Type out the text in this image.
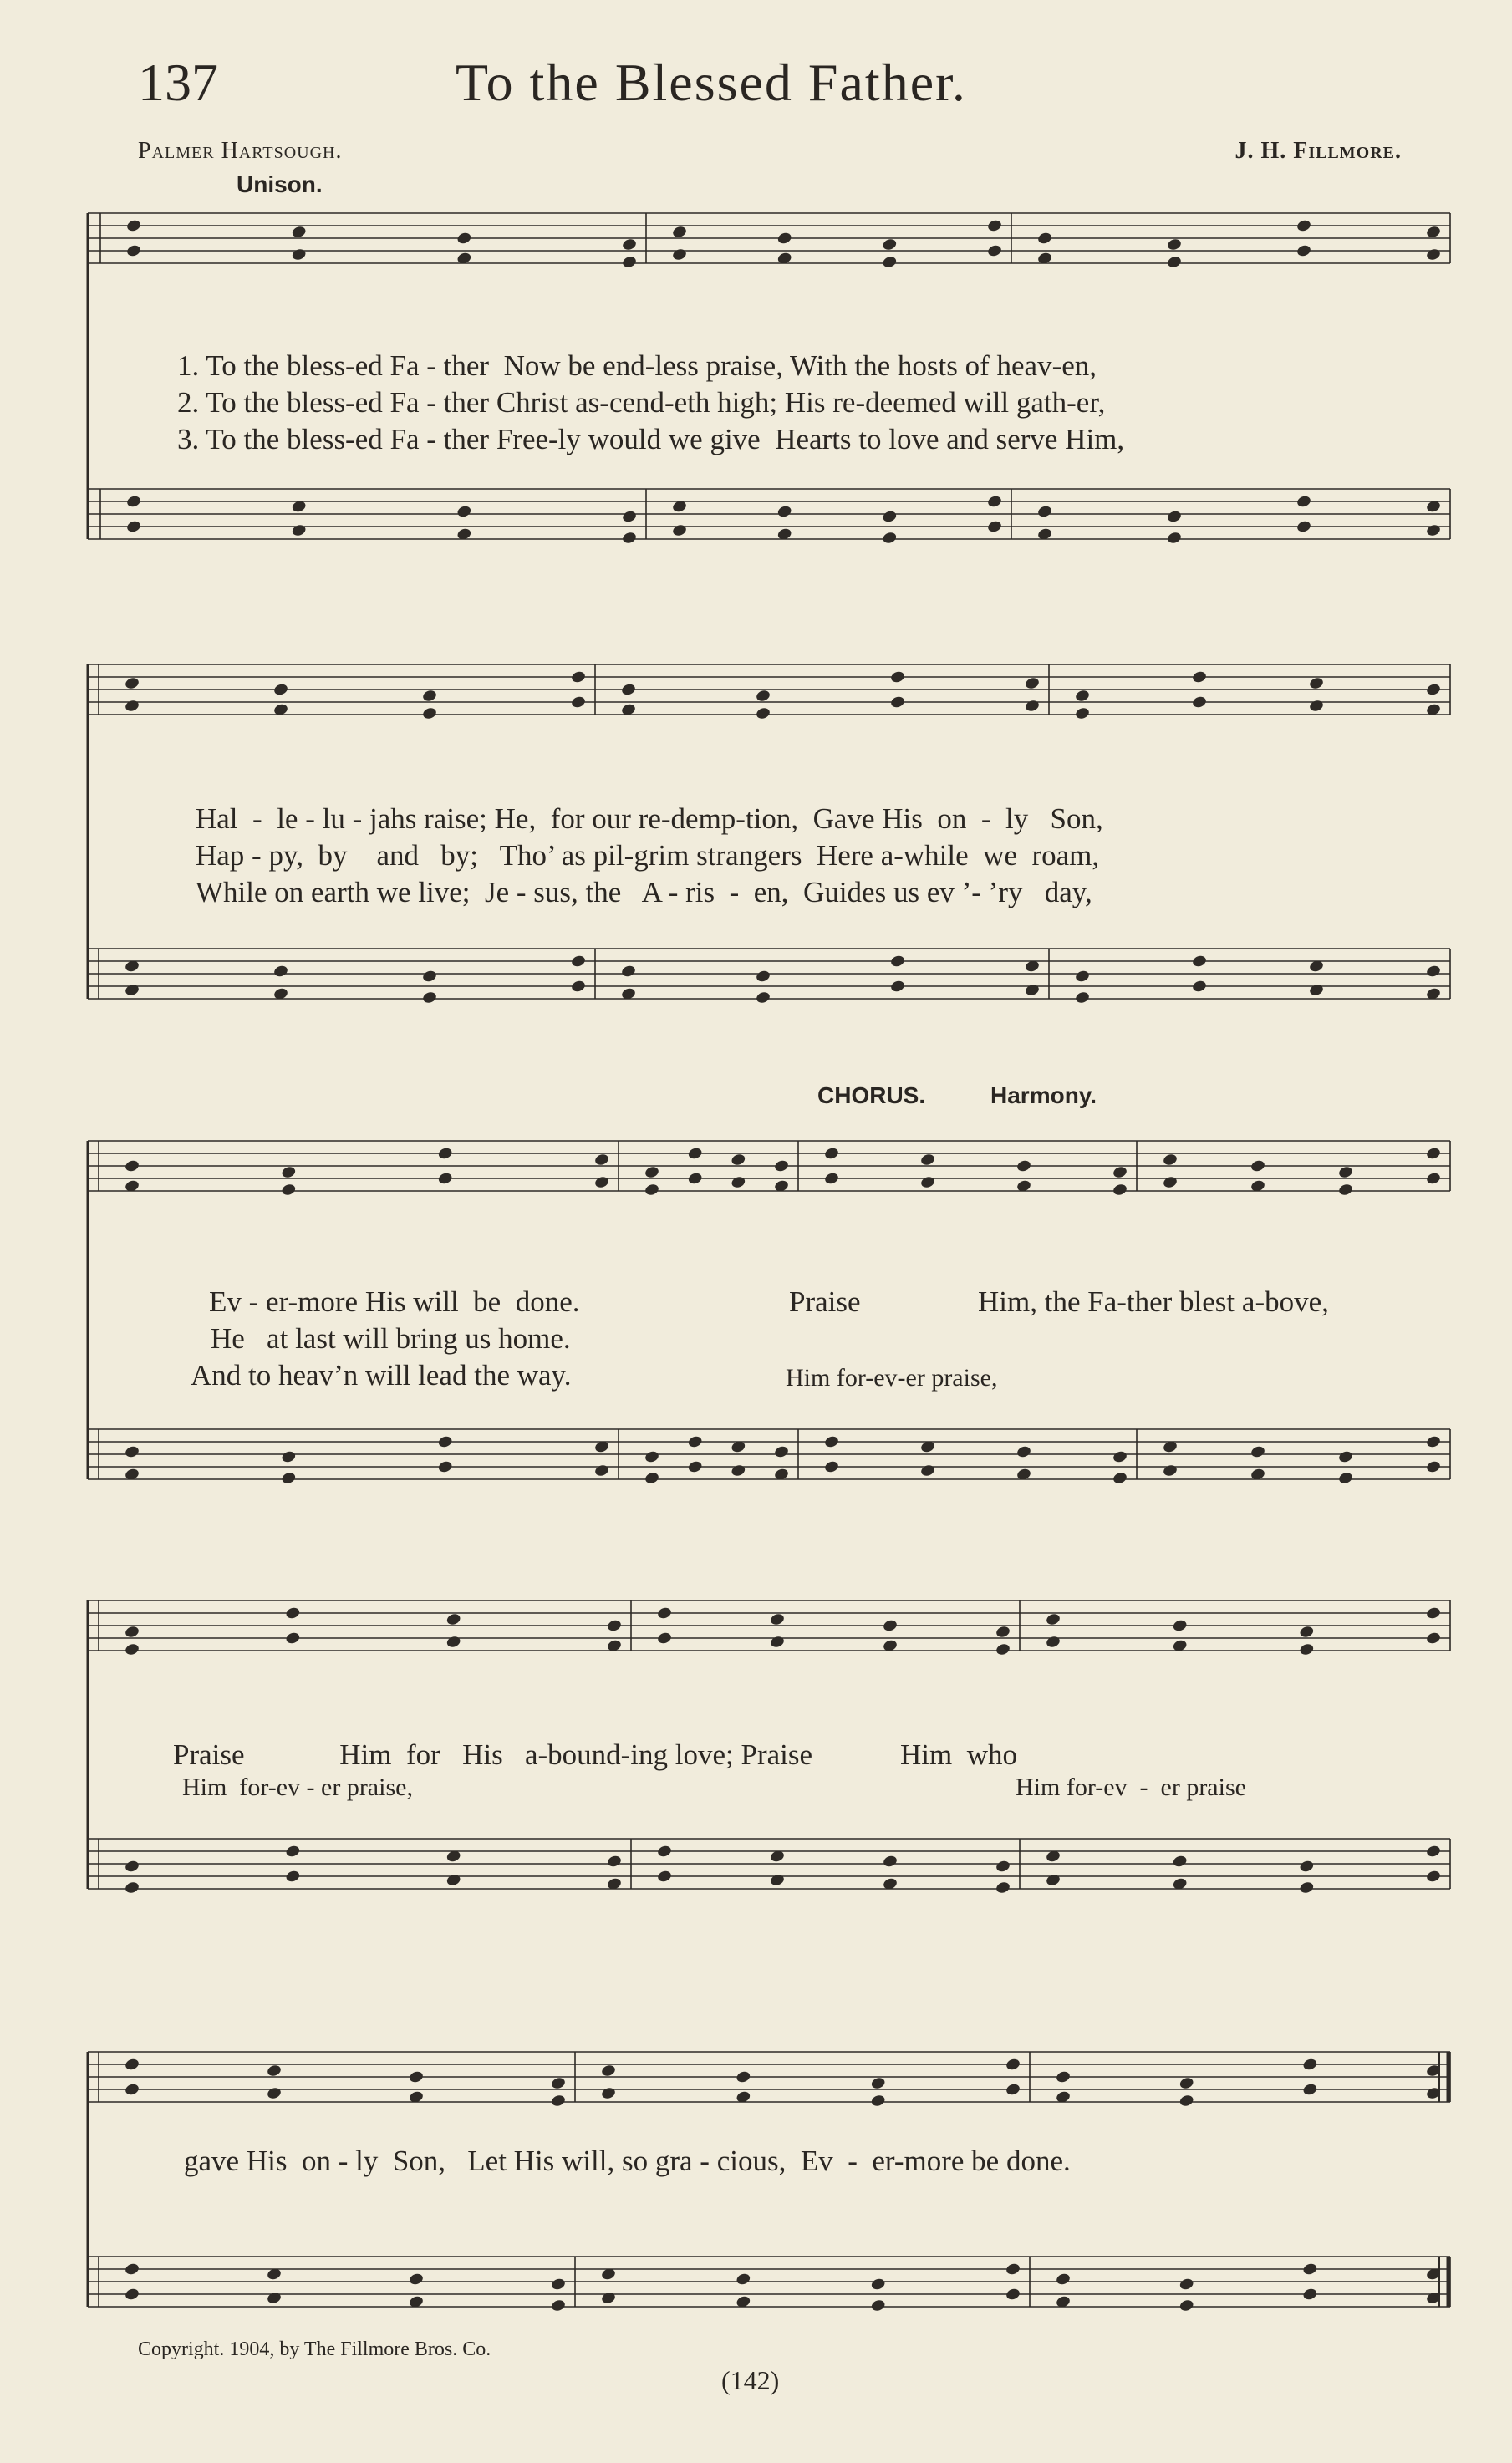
137	To the Blessed Father.
Palmer Hartsough.	J. H. Fillmore.
Unison.
CHORUS.	Harmony.
1. To the bless-ed Fa - ther  Now be end-less praise, With the hosts of heav-en,
2. To the bless-ed Fa - ther Christ as-cend-eth high; His re-deemed will gath-er,
3. To the bless-ed Fa - ther Free-ly would we give  Hearts to love and serve Him,
Hal  -  le - lu - jahs raise; He,  for our re-demp-tion,  Gave His  on  -  ly   Son,
Hap - py,  by    and   by;   Tho’ as pil-grim strangers  Here a-while  we  roam,
While on earth we live;  Je - sus, the   A - ris  -  en,  Guides us ev ’- ’ry   day,
Ev - er-more His will  be  done.
He   at last will bring us home.
And to heav’n will lead the way.
Praise	Him, the Fa-ther blest a-bove,
Him for-ev-er praise,
Praise             Him  for   His   a-bound-ing love; Praise            Him  who
Him  for-ev - er praise,	Him for-ev  -  er praise
gave His  on - ly  Son,   Let His will, so gra - cious,  Ev  -  er-more be done.
Copyright. 1904, by The Fillmore Bros. Co.
(142)
